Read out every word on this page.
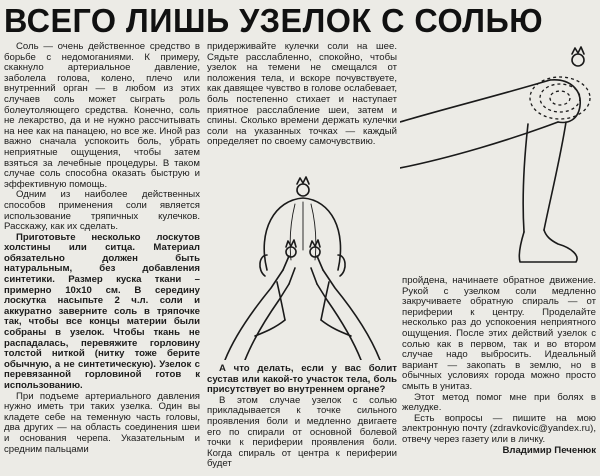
ВСЕГО ЛИШЬ УЗЕЛОК С СОЛЬЮ

Соль — очень действенное средство в борьбе с недомоганиями. К примеру, скакнуло артериальное давление, заболела голова, колено, плечо или внутренний орган — в любом из этих случаев соль может сыграть роль болеутоляющего средства. Конечно, соль не лекарство, да и не нужно рассчитывать на нее как на панацею, но все же. Иной раз важно сначала успокоить боль, убрать неприятные ощущения, чтобы затем взяться за лечебные процедуры. В таком случае соль способна оказать быструю и эффективную помощь.

Одним из наиболее действенных способов применения соли является использование тряпичных кулечков. Расскажу, как их сделать.

Приготовьте несколько лоскутов холстины или ситца. Материал обязательно должен быть натуральным, без добавления синтетики. Размер куска ткани – примерно 10х10 см. В середину лоскутка насыпьте 2 ч.л. соли и аккуратно заверните соль в тряпочке так, чтобы все концы материи были собраны в узелок. Чтобы ткань не распадалась, перевяжите горловину толстой ниткой (нитку тоже берите обычную, а не синтетическую). Узелок с перевязанной горловиной готов к использованию.

При подъеме артериального давления нужно иметь три таких узелка. Один вы кладете себе на теменную часть головы, два других — на область соединения шеи и основания черепа. Указательным и средним пальцами

придерживайте кулечки соли на шее. Сядьте расслабленно, спокойно, чтобы узелок на темени не смещался от положения тела, и вскоре почувствуете, как давящее чувство в голове ослабевает, боль постепенно стихает и наступает приятное расслабление шеи, затем и спины. Сколько времени держать кулечки соли на указанных точках — каждый определяет по своему самочувствию.

А что делать, если у вас болит сустав или какой-то участок тела, боль присутствует во внутреннем органе?

В этом случае узелок с солью прикладывается к точке сильного проявления боли и медленно двигаете его по спирали от основной болевой точки к периферии проявления боли. Когда спираль от центра к периферии будет

пройдена, начинаете обратное движение. Рукой с узелком соли медленно закручиваете обратную спираль — от периферии к центру. Проделайте несколько раз до успокоения неприятного ощущения. После этих действий узелок с солью как в первом, так и во втором случае надо выбросить. Идеальный вариант — закопать в землю, но в обычных условиях города можно просто смыть в унитаз.

Этот метод помог мне при болях в желудке.

Есть вопросы — пишите на мою электронную почту (zdravkovic@yandex.ru), отвечу через газету или в личку.

Владимир Печенюк
